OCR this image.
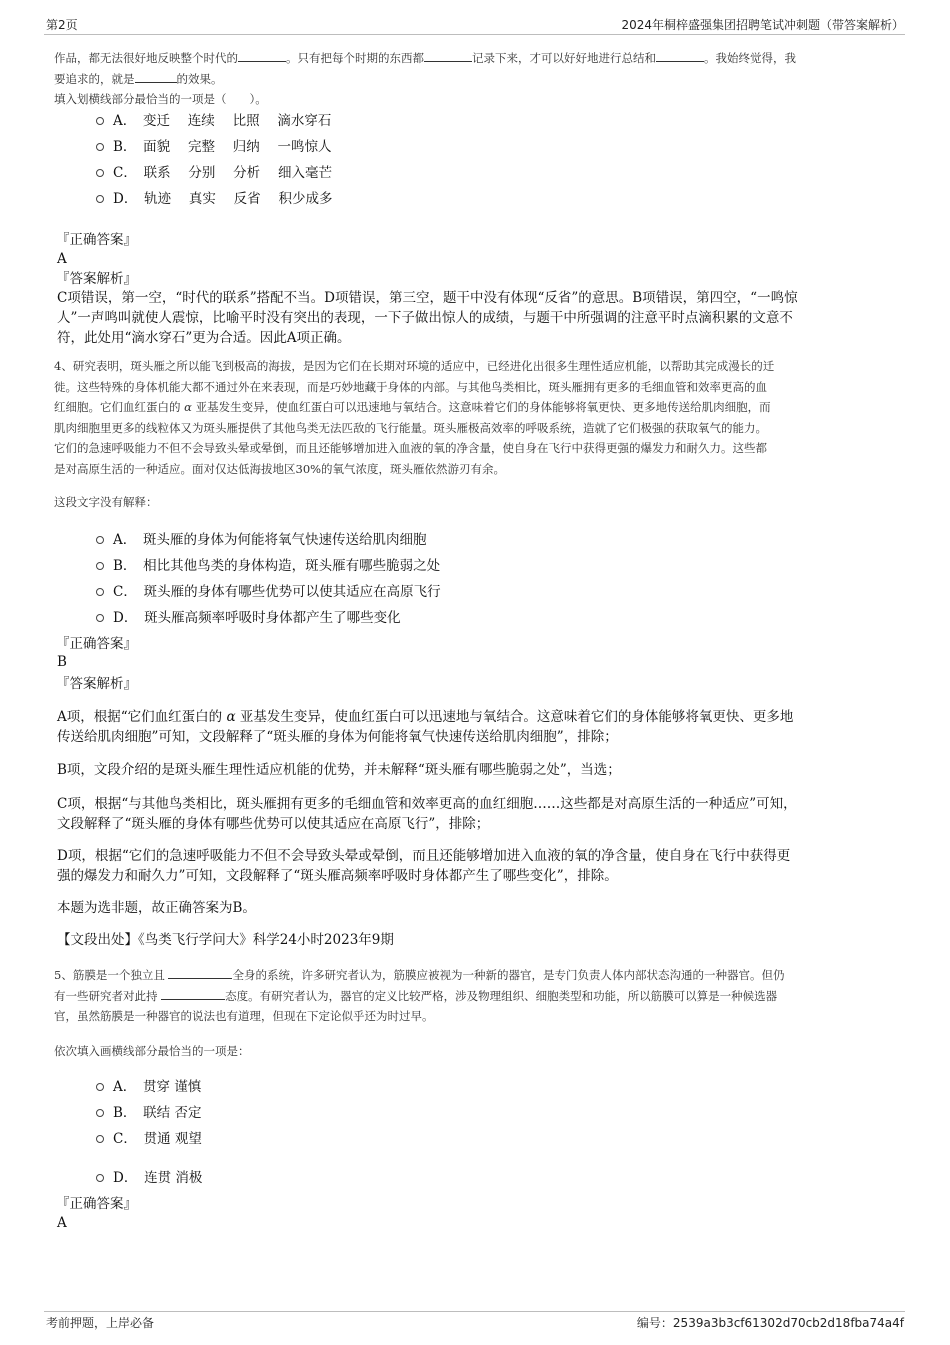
第2页	2024年桐梓盛强集团招聘笔试冲刺题（带答案解析）
作品，都无法很好地反映整个时代的	。只有把每个时期的东西都	记录下来，才可以好好地进行总结和	。我始终觉得，我
要追求的，就是	的效果。
填入划横线部分最恰当的一项是（　　）。
A．　变迁　 连续　 比照　 滴水穿石
B．　面貌　 完整　 归纳　 一鸣惊人
C．　联系　 分别　 分析　 细入毫芒
D．　轨迹　 真实　 反省　 积少成多
『正确答案』
A
『答案解析』
C项错误，第一空，“时代的联系”搭配不当。D项错误，第三空，题干中没有体现“反省”的意思。B项错误，第四空，“一鸣惊
人”一声鸣叫就使人震惊，比喻平时没有突出的表现，一下子做出惊人的成绩，与题干中所强调的注意平时点滴积累的文意不
符，此处用“滴水穿石”更为合适。因此A项正确。
4、研究表明，斑头雁之所以能飞到极高的海拔，是因为它们在长期对环境的适应中，已经进化出很多生理性适应机能，以帮助其完成漫长的迁
徙。这些特殊的身体机能大都不通过外在来表现，而是巧妙地藏于身体的内部。与其他鸟类相比，斑头雁拥有更多的毛细血管和效率更高的血
红细胞。它们血红蛋白的 α 亚基发生变异，使血红蛋白可以迅速地与氧结合。这意味着它们的身体能够将氧更快、更多地传送给肌肉细胞，而
肌肉细胞里更多的线粒体又为斑头雁提供了其他鸟类无法匹敌的飞行能量。斑头雁极高效率的呼吸系统，造就了它们极强的获取氧气的能力。
它们的急速呼吸能力不但不会导致头晕或晕倒，而且还能够增加进入血液的氧的净含量，使自身在飞行中获得更强的爆发力和耐久力。这些都
是对高原生活的一种适应。面对仅达低海拔地区30%的氧气浓度，斑头雁依然游刃有余。
这段文字没有解释：
A．　斑头雁的身体为何能将氧气快速传送给肌肉细胞
B．　相比其他鸟类的身体构造，斑头雁有哪些脆弱之处
C．　斑头雁的身体有哪些优势可以使其适应在高原飞行
D．　斑头雁高频率呼吸时身体都产生了哪些变化
『正确答案』
B
『答案解析』
A项，根据“它们血红蛋白的 α 亚基发生变异，使血红蛋白可以迅速地与氧结合。这意味着它们的身体能够将氧更快、更多地
传送给肌肉细胞”可知，文段解释了“斑头雁的身体为何能将氧气快速传送给肌肉细胞”，排除；
B项，文段介绍的是斑头雁生理性适应机能的优势，并未解释“斑头雁有哪些脆弱之处”，当选；
C项，根据“与其他鸟类相比，斑头雁拥有更多的毛细血管和效率更高的血红细胞……这些都是对高原生活的一种适应”可知，
文段解释了“斑头雁的身体有哪些优势可以使其适应在高原飞行”，排除；
D项，根据“它们的急速呼吸能力不但不会导致头晕或晕倒，而且还能够增加进入血液的氧的净含量，使自身在飞行中获得更
强的爆发力和耐久力”可知，文段解释了“斑头雁高频率呼吸时身体都产生了哪些变化”，排除。
本题为选非题，故正确答案为B。
【文段出处】《鸟类飞行学问大》科学24小时2023年9期
5、筋膜是一个独立且	全身的系统，许多研究者认为，筋膜应被视为一种新的器官，是专门负责人体内部状态沟通的一种器官。但仍
有一些研究者对此持	态度。有研究者认为，器官的定义比较严格，涉及物理组织、细胞类型和功能，所以筋膜可以算是一种候选器
官，虽然筋膜是一种器官的说法也有道理，但现在下定论似乎还为时过早。
依次填入画横线部分最恰当的一项是：
A．　贯穿 谨慎
B．　联结 否定
C．　贯通 观望
D．　连贯 消极
『正确答案』
A
考前押题，上岸必备	编号：2539a3b3cf61302d70cb2d18fba74a4f
